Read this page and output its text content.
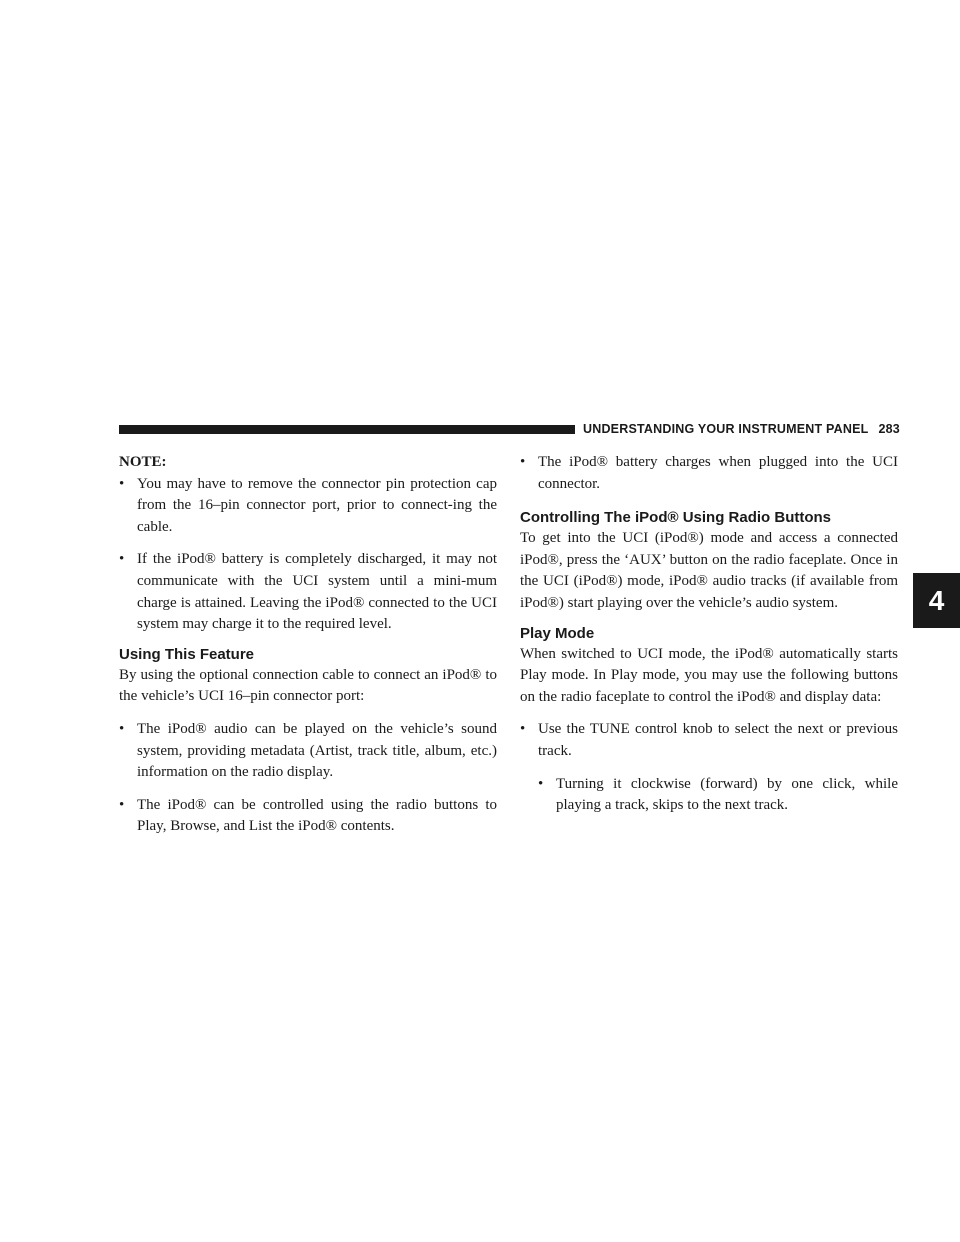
UNDERSTANDING YOUR INSTRUMENT PANEL 283
4
NOTE:
• You may have to remove the connector pin protection cap from the 16–pin connector port, prior to connect-ing the cable.
• If the iPod® battery is completely discharged, it may not communicate with the UCI system until a mini-mum charge is attained. Leaving the iPod® connected to the UCI system may charge it to the required level.
Using This Feature
By using the optional connection cable to connect an iPod® to the vehicle’s UCI 16–pin connector port:
• The iPod® audio can be played on the vehicle’s sound system, providing metadata (Artist, track title, album, etc.) information on the radio display.
• The iPod® can be controlled using the radio buttons to Play, Browse, and List the iPod® contents.
• The iPod® battery charges when plugged into the UCI connector.
Controlling The iPod® Using Radio Buttons
To get into the UCI (iPod®) mode and access a connected iPod®, press the ‘AUX’ button on the radio faceplate. Once in the UCI (iPod®) mode, iPod® audio tracks (if available from iPod®) start playing over the vehicle’s audio system.
Play Mode
When switched to UCI mode, the iPod® automatically starts Play mode. In Play mode, you may use the following buttons on the radio faceplate to control the iPod® and display data:
• Use the TUNE control knob to select the next or previous track.
• Turning it clockwise (forward) by one click, while playing a track, skips to the next track.
